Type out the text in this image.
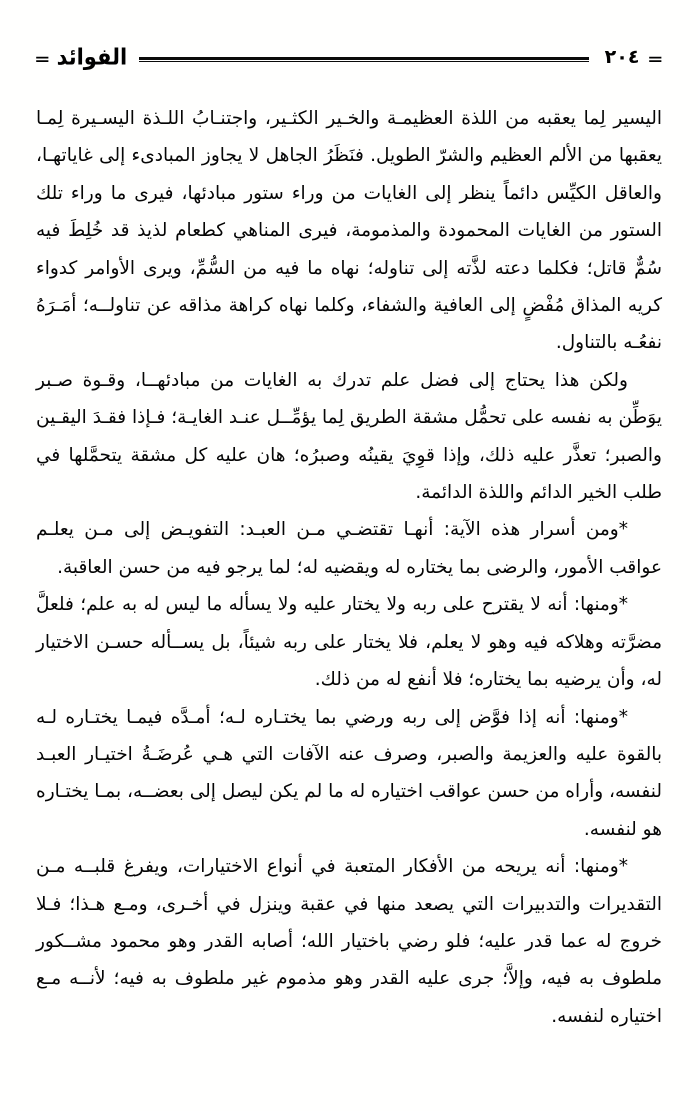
= الفوائد	٢٠٤ =

اليسير لِما يعقبه من اللذة العظيمـة والخـير الكثـير، واجتنـابُ اللـذة اليسـيرة لِمـا يعقبها من الألم العظيم والشرّ الطويل. فنَظَرُ الجاهل لا يجاوز المبادىء إلى غاياتهـا، والعاقل الكيِّس دائماً ينظر إلى الغايات من وراء ستور مبادئها، فيرى ما وراء تلك الستور من الغايات المحمودة والمذمومة، فيرى المناهي كطعام لذيذ قد خُلِطَ فيه سُمٌّ قاتل؛ فكلما دعته لذَّته إلى تناوله؛ نهاه ما فيه من السُّمِّ، ويرى الأوامر كدواء كريه المذاق مُفْضٍ إلى العافية والشفاء، وكلما نهاه كراهة مذاقه عن تناولــه؛ أمَـرَهُ نفعُـه بالتناول.

ولكن هذا يحتاج إلى فضل علم تدرك به الغايات من مبادئهــا، وقـوة صـبر يوَطِّن به نفسه على تحمُّل مشقة الطريق لِما يؤمِّــل عنـد الغايـة؛ فـإذا فقـدَ اليقـين والصبر؛ تعذَّر عليه ذلك، وإذا قوِيَ يقينُه وصبرُه؛ هان عليه كل مشقة يتحمَّلها في طلب الخير الدائم واللذة الدائمة.

*ومن أسرار هذه الآية: أنهـا تقتضـي مـن العبـد: التفويـض إلى مـن يعلـم عواقب الأمور، والرضى بما يختاره له ويقضيه له؛ لما يرجو فيه من حسن العاقبة.

*ومنها: أنه لا يقترح على ربه ولا يختار عليه ولا يسأله ما ليس له به علم؛ فلعلَّ مضرَّته وهلاكه فيه وهو لا يعلم، فلا يختار على ربه شيئاً، بل يســأله حسـن الاختيار له، وأن يرضيه بما يختاره؛ فلا أنفع له من ذلك.

*ومنها: أنه إذا فوَّض إلى ربه ورضي بما يختـاره لـه؛ أمـدَّه فيمـا يختـاره لـه بالقوة عليه والعزيمة والصبر، وصرف عنه الآفات التي هـي عُرضَـةُ اختيـار العبـد لنفسه، وأراه من حسن عواقب اختياره له ما لم يكن ليصل إلى بعضــه، بمـا يختـاره هو لنفسه.

*ومنها: أنه يريحه من الأفكار المتعبة في أنواع الاختيارات، ويفرغ قلبــه مـن التقديرات والتدبيرات التي يصعد منها في عقبة وينزل في أخـرى، ومـع هـذا؛ فـلا خروج له عما قدر عليه؛ فلو رضي باختيار الله؛ أصابه القدر وهو محمود مشــكور ملطوف به فيه، وإلاَّ؛ جرى عليه القدر وهو مذموم غير ملطوف به فيه؛ لأنــه مـع اختياره لنفسه.
